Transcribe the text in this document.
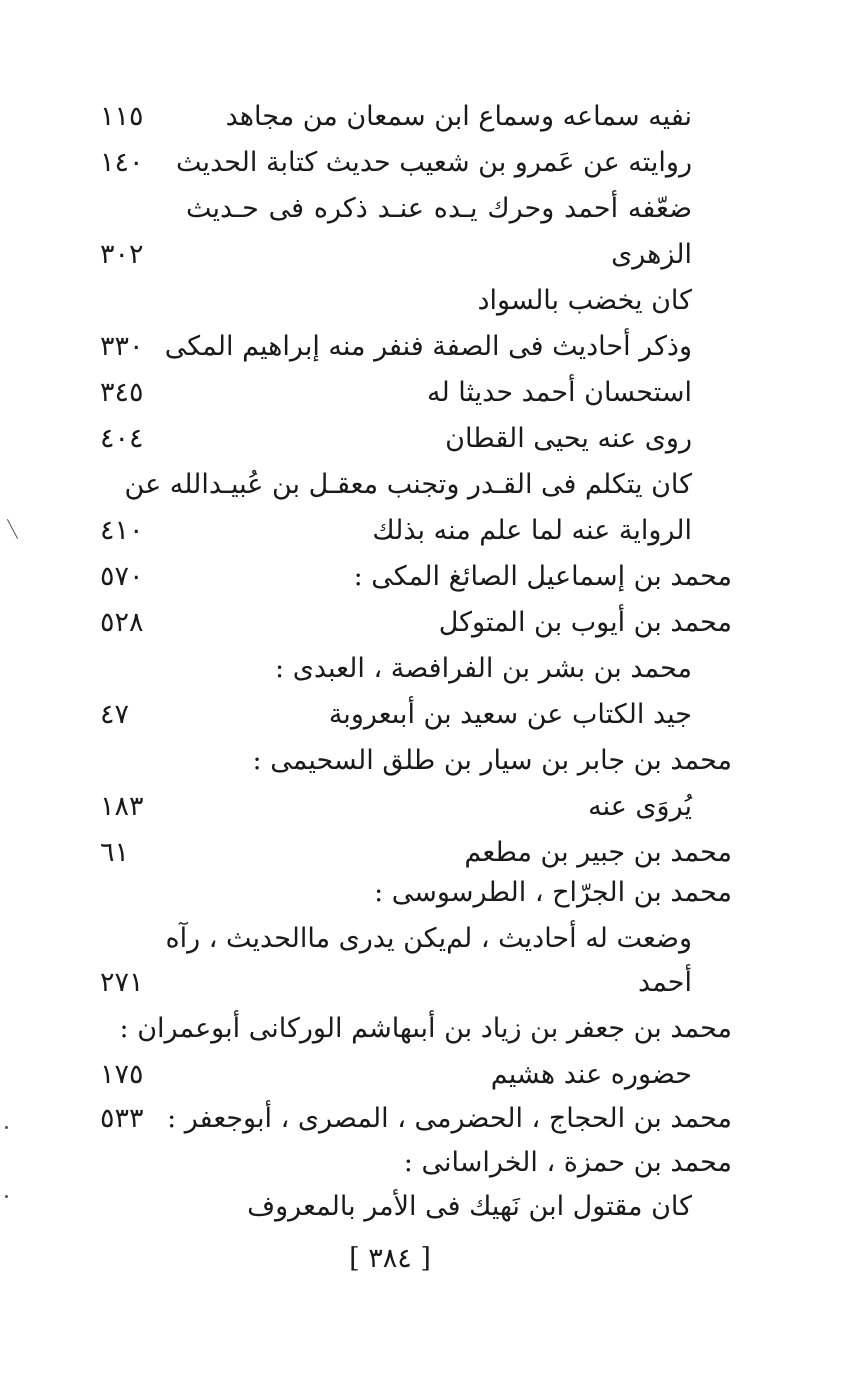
نفيه سماعه وسماع ابن سمعان من مجاهد
١١٥
روايته عن عَمرو بن شعيب حديث كتابة الحديث
١٤٠
ضعّفه أحمد وحرك يـده عنـد ذكره فى حـديث
الزهرى
٣٠٢
كان يخضب بالسواد
وذكر أحاديث فى الصفة فنفر منه إبراهيم المكى
٣٣٠
استحسان أحمد حديثا له
٣٤٥
روى عنه يحيى القطان
٤٠٤
كان يتكلم فى القـدر وتجنب معقـل بن عُبيـدالله عن
الرواية عنه لما علم منه بذلك
٤١٠
محمد بن إسماعيل الصائغ المكى :
٥٧٠
محمد بن أيوب بن المتوكل
٥٢٨
محمد بن بشر بن الفرافصة ، العبدى :
جيد الكتاب عن سعيد بن أبىعروبة
٤٧
محمد بن جابر بن سيار بن طلق السحيمى :
يُروَى عنه
١٨٣
محمد بن جبير بن مطعم
٦١
محمد بن الجرّاح ، الطرسوسى :
وضعت له أحاديث ، لم‌يكن يدرى ماالحديث ، رآه
أحمد
٢٧١
محمد بن جعفر بن زياد بن أبىهاشم الوركانى أبوعمران :
حضوره عند هشيم
١٧٥
محمد بن الحجاج ، الحضرمى ، المصرى ، أبوجعفر :
٥٣٣
محمد بن حمزة ، الخراسانى :
كان مقتول ابن نَهيك فى الأمر بالمعروف
[ ٣٨٤ ]
